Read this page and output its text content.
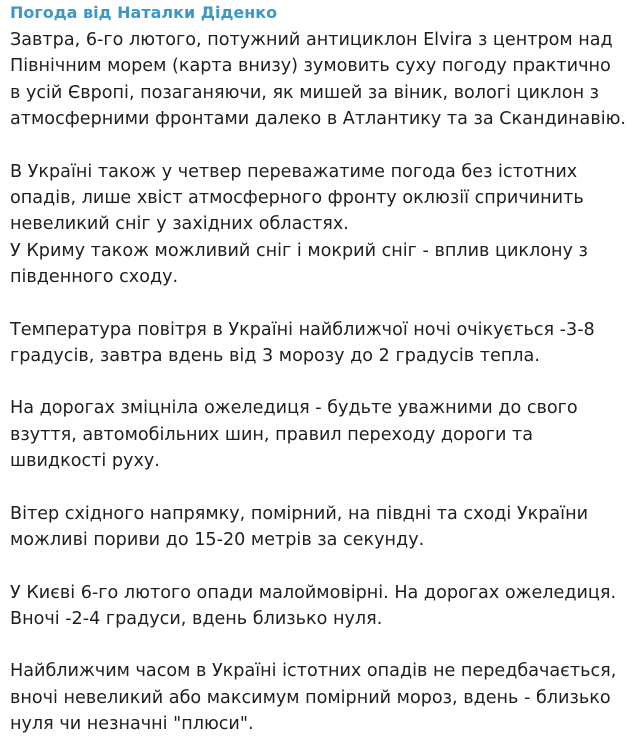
Погода від Наталки Діденко
Завтра, 6-го лютого, потужний антициклон Elvira з центром над
Північним морем (карта внизу) зумовить суху погоду практично
в усій Європі, позаганяючи, як мишей за віник, вологі циклон з
атмосферними фронтами далеко в Атлантику та за Скандинавію.
В Україні також у четвер переважатиме погода без істотних
опадів, лише хвіст атмосферного фронту оклюзії спричинить
невеликий сніг у західних областях.
У Криму також можливий сніг і мокрий сніг - вплив циклону з
південного сходу.
Температура повітря в Україні найближчої ночі очікується -3-8
градусів, завтра вдень від 3 морозу до 2 градусів тепла.
На дорогах зміцніла ожеледиця - будьте уважними до свого
взуття, автомобільних шин, правил переходу дороги та
швидкості руху.
Вітер східного напрямку, помірний, на півдні та сході України
можливі пориви до 15-20 метрів за секунду.
У Києві 6-го лютого опади малоймовірні. На дорогах ожеледиця.
Вночі -2-4 градуси, вдень близько нуля.
Найближчим часом в Україні істотних опадів не передбачається,
вночі невеликий або максимум помірний мороз, вдень - близько
нуля чи незначні "плюси".
